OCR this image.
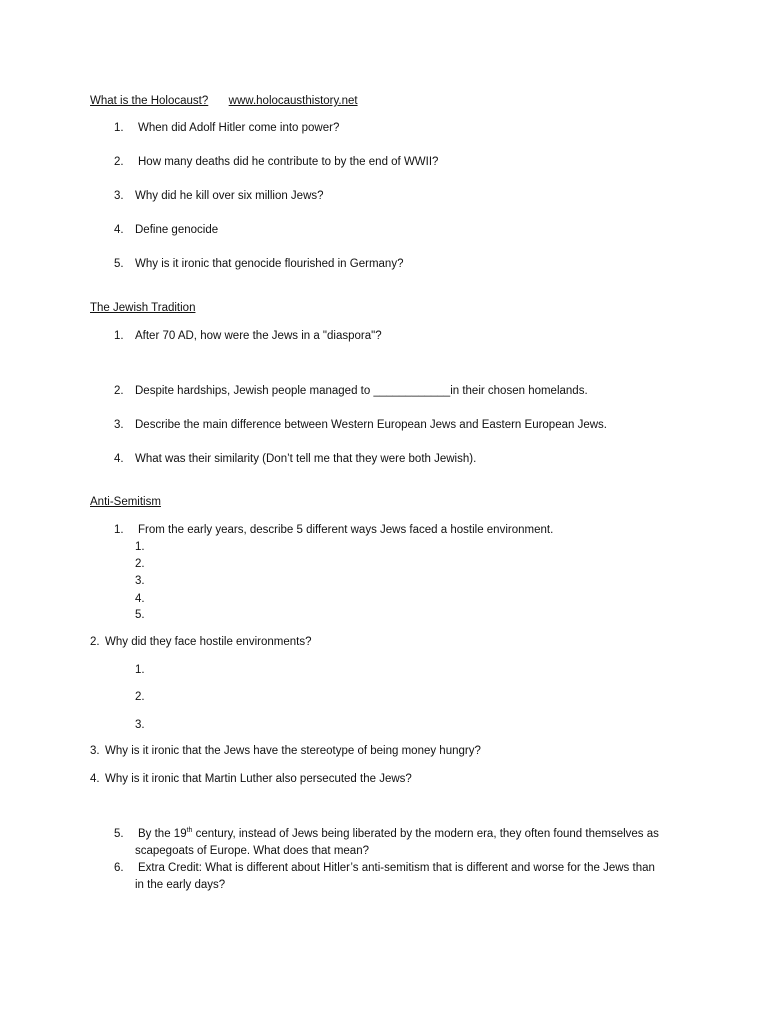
What is the Holocaust? www.holocausthistory.net
1. When did Adolf Hitler come into power?
2. How many deaths did he contribute to by the end of WWII?
3. Why did he kill over six million Jews?
4. Define genocide
5. Why is it ironic that genocide flourished in Germany?
The Jewish Tradition
1. After 70 AD, how were the Jews in a "diaspora"?
2. Despite hardships, Jewish people managed to ____________in their chosen homelands.
3. Describe the main difference between Western European Jews and Eastern European Jews.
4. What was their similarity (Don’t tell me that they were both Jewish).
Anti-Semitism
1. From the early years, describe 5 different ways Jews faced a hostile environment.
1.
2.
3.
4.
5.
2. Why did they face hostile environments?
1.
2.
3.
3. Why is it ironic that the Jews have the stereotype of being money hungry?
4. Why is it ironic that Martin Luther also persecuted the Jews?
5. By the 19th century, instead of Jews being liberated by the modern era, they often found themselves as
scapegoats of Europe. What does that mean?
6. Extra Credit: What is different about Hitler’s anti-semitism that is different and worse for the Jews than
in the early days?
